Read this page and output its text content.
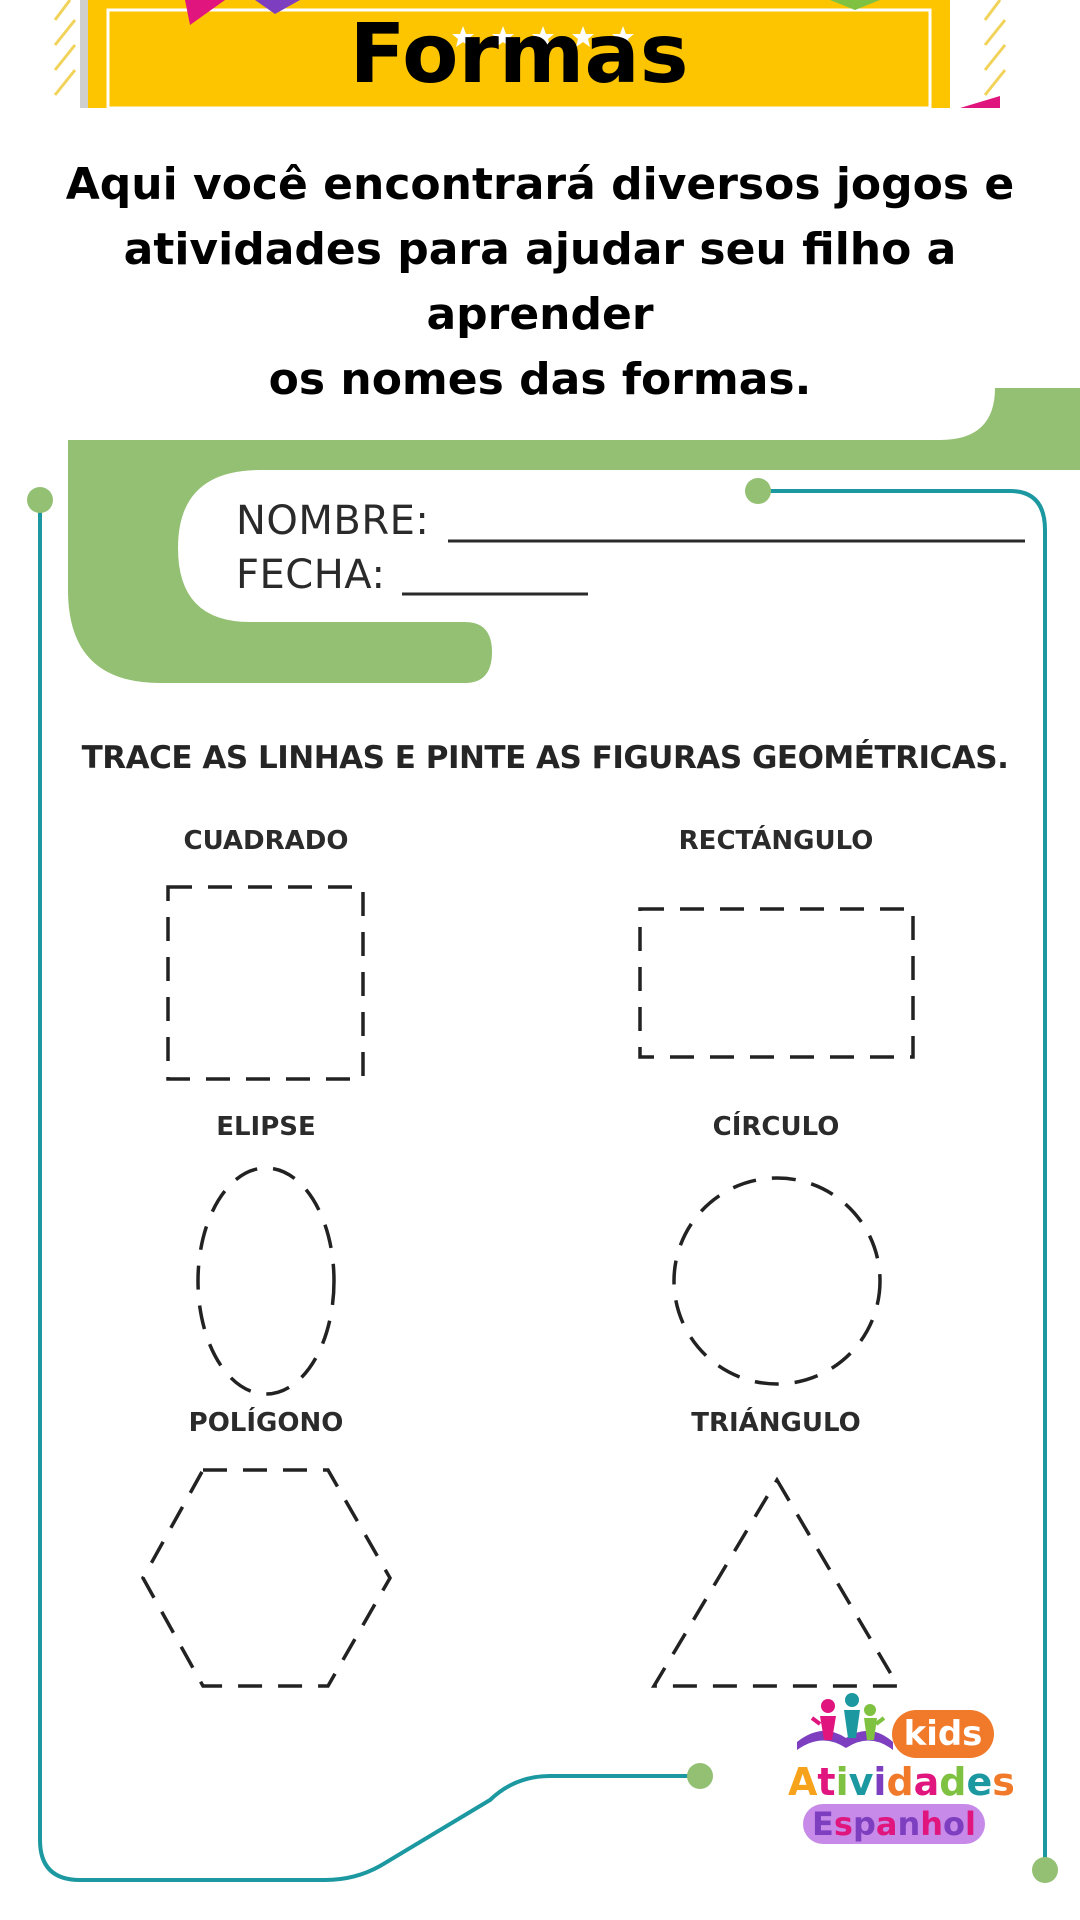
Formas
Aqui você encontrará diversos jogos e
atividades para ajudar seu filho a aprender
os nomes das formas.
NOMBRE:
FECHA:
TRACE AS LINHAS E PINTE AS FIGURAS GEOMÉTRICAS.
CUADRADO	RECTÁNGULO
ELIPSE	CÍRCULO
POLÍGONO	TRIÁNGULO
kids
Atividades
Espanhol
